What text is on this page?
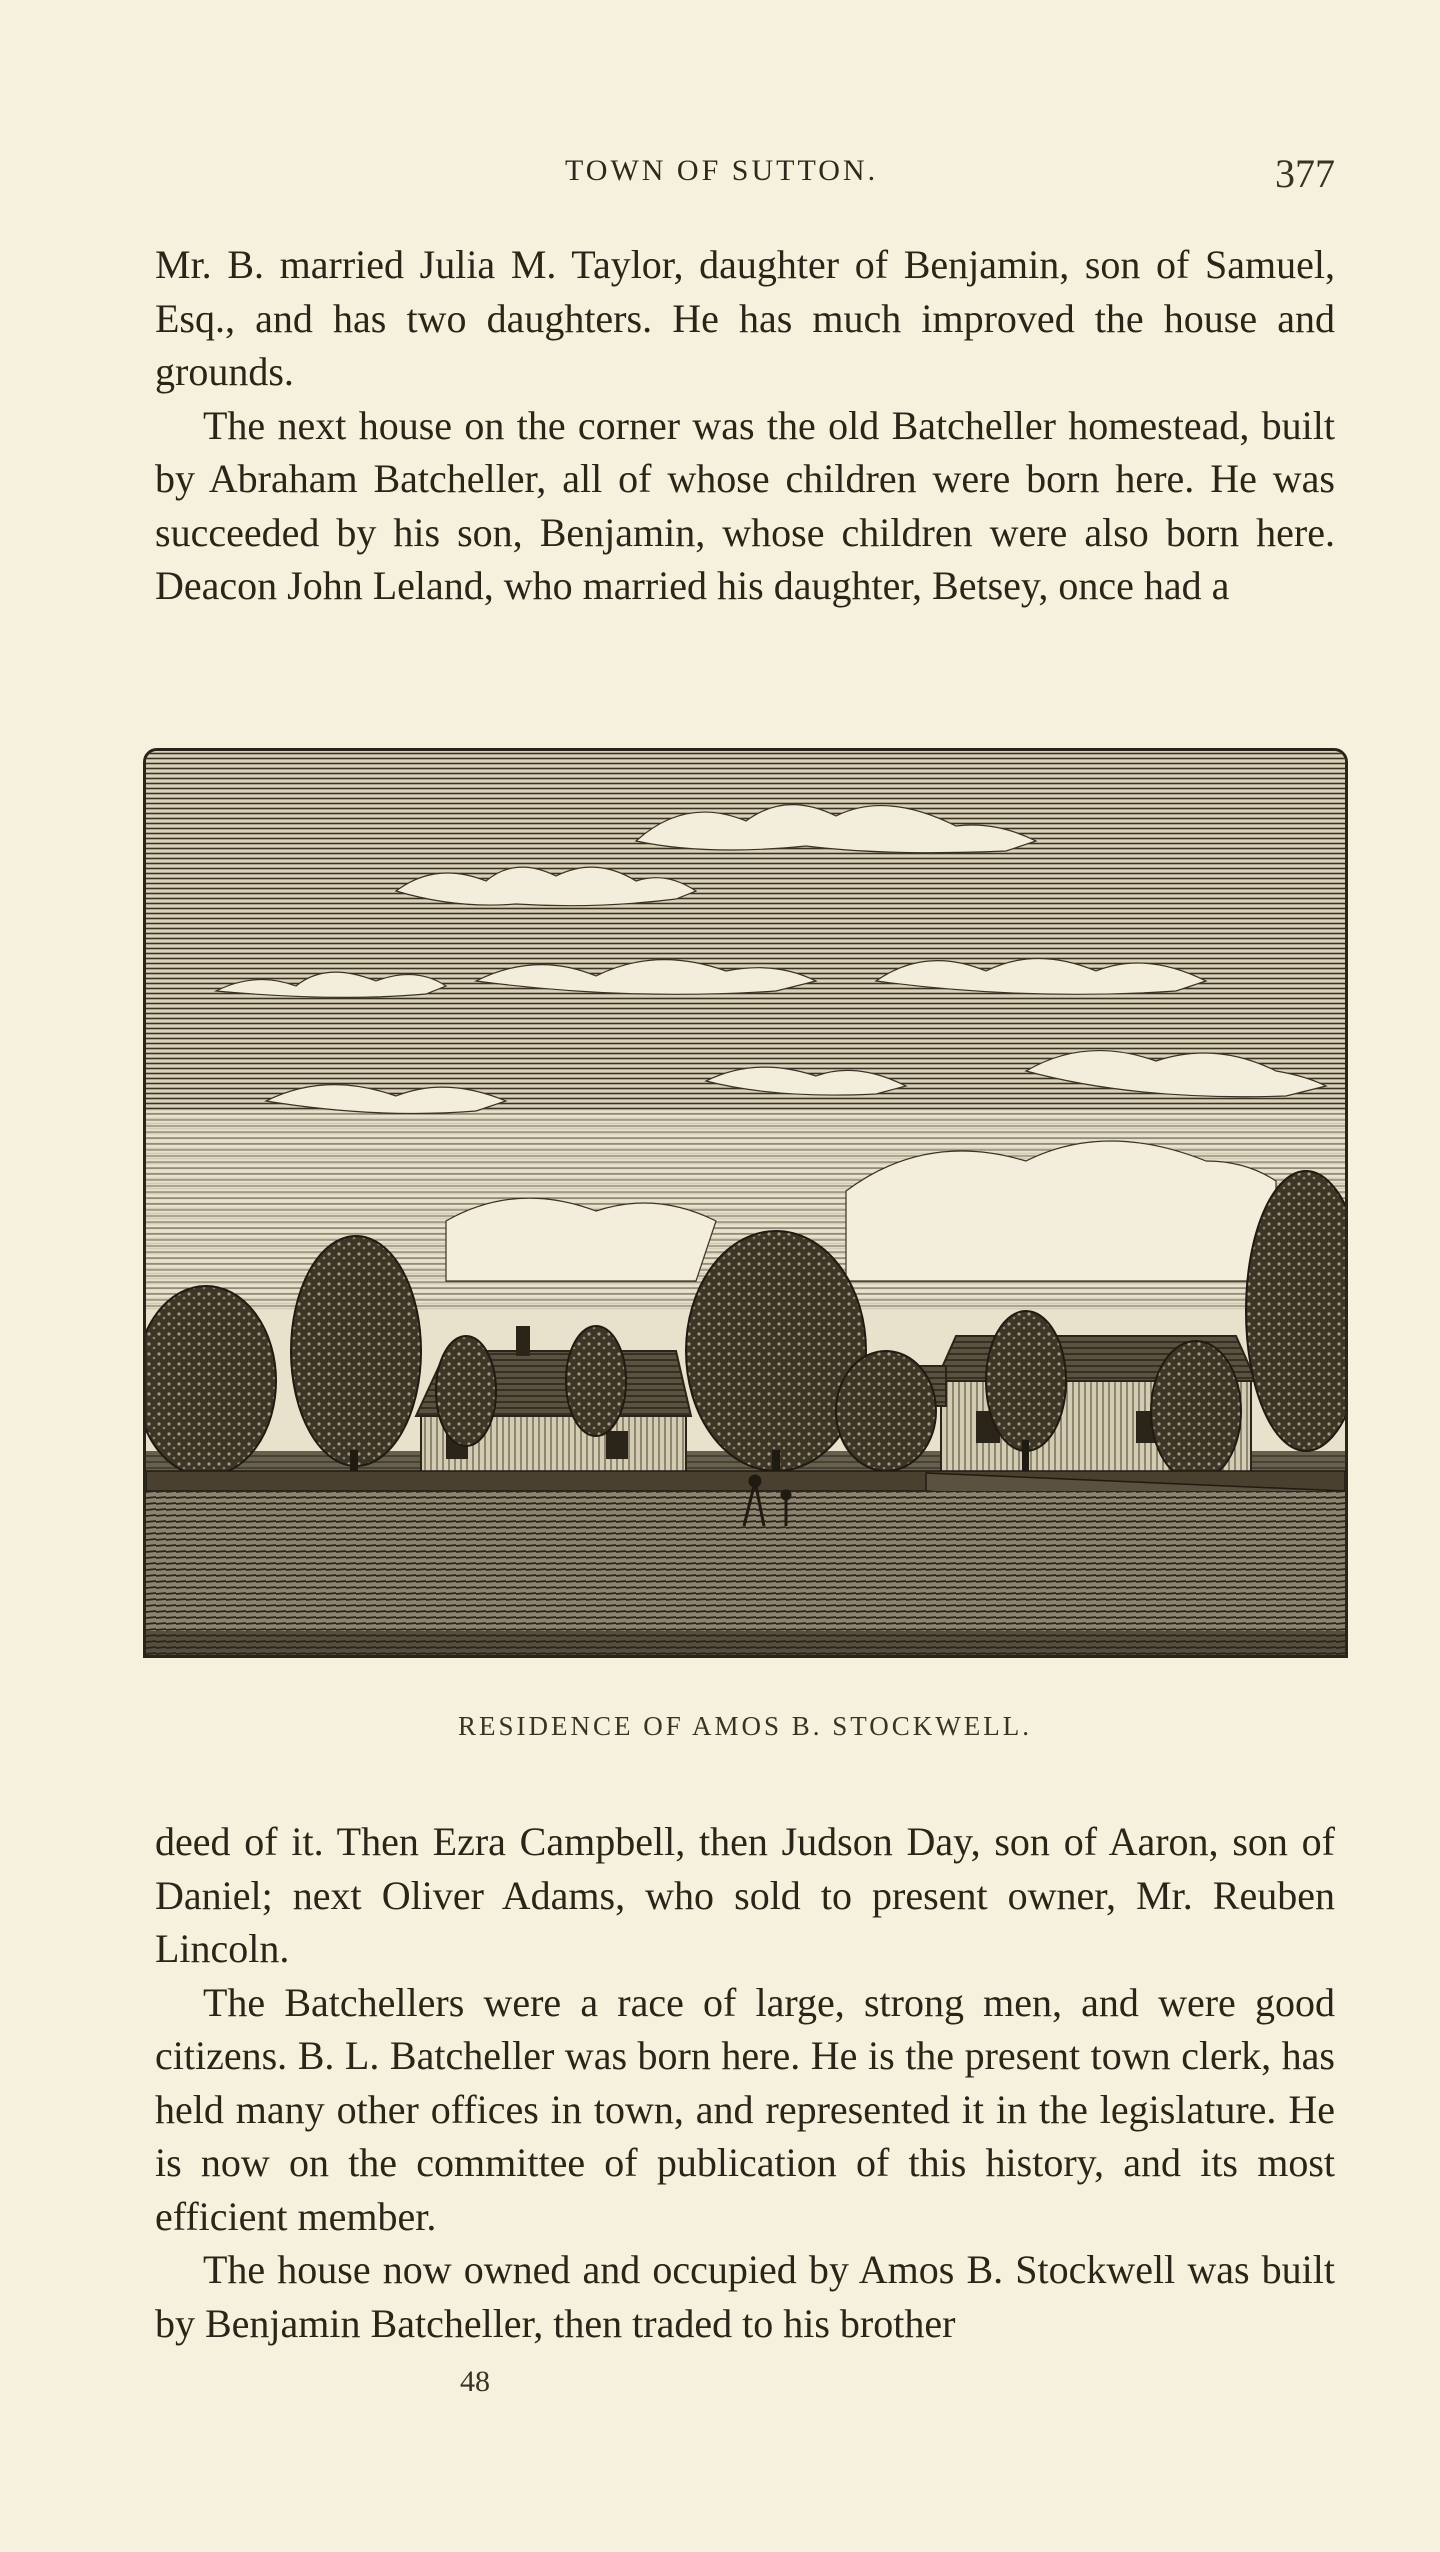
TOWN OF SUTTON.	377

Mr. B. married Julia M. Taylor, daughter of Benjamin, son of Samuel, Esq., and has two daughters. He has much improved the house and grounds.

The next house on the corner was the old Batcheller homestead, built by Abraham Batcheller, all of whose children were born here. He was succeeded by his son, Benjamin, whose children were also born here. Deacon John Leland, who married his daughter, Betsey, once had a

RESIDENCE OF AMOS B. STOCKWELL.

deed of it. Then Ezra Campbell, then Judson Day, son of Aaron, son of Daniel; next Oliver Adams, who sold to present owner, Mr. Reuben Lincoln.

The Batchellers were a race of large, strong men, and were good citizens. B. L. Batcheller was born here. He is the present town clerk, has held many other offices in town, and represented it in the legislature. He is now on the committee of publication of this history, and its most efficient member.

The house now owned and occupied by Amos B. Stockwell was built by Benjamin Batcheller, then traded to his brother

48
